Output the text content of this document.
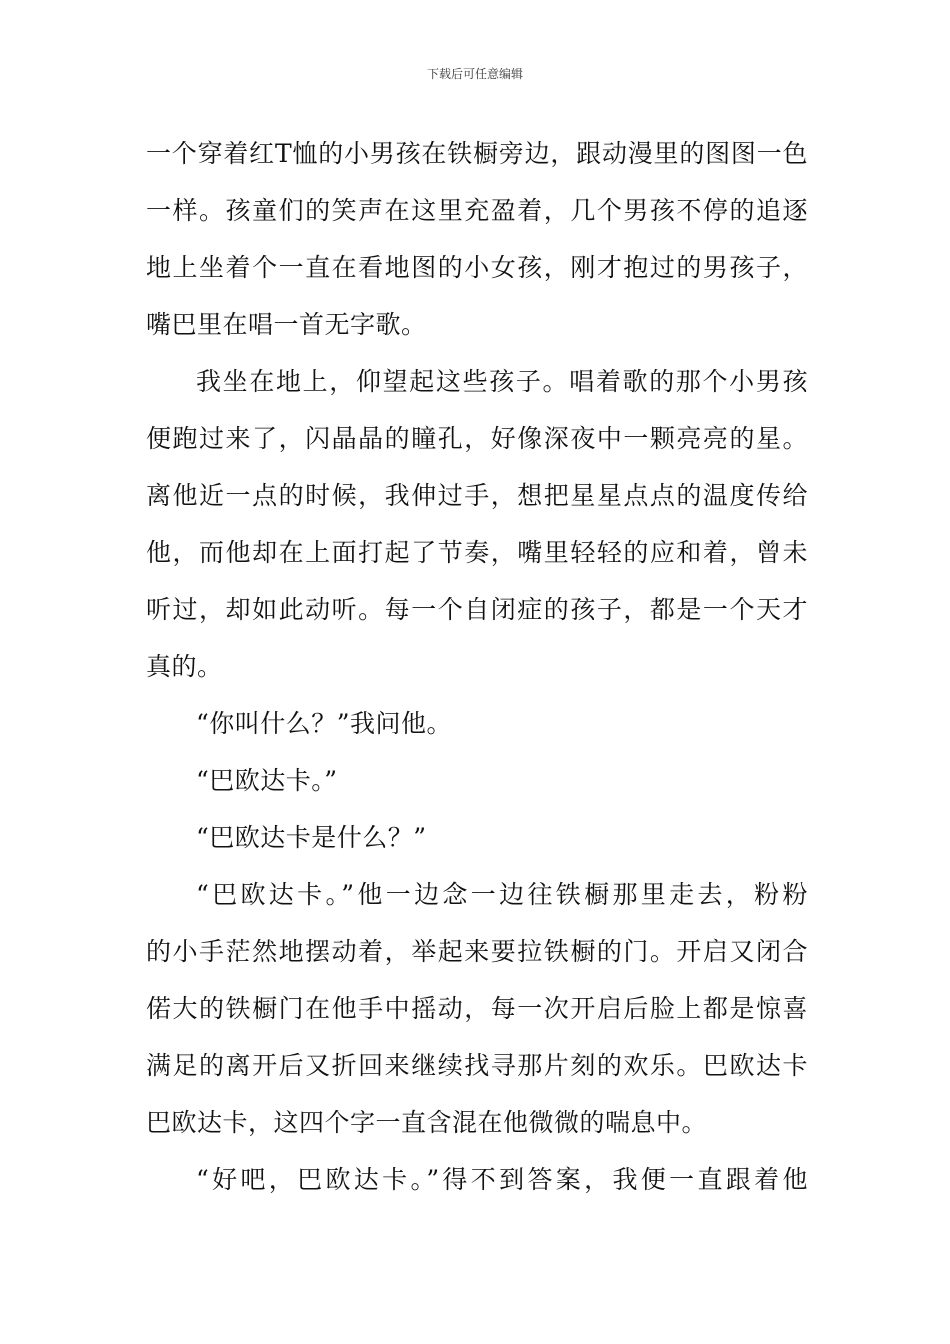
下载后可任意编辑
一个穿着红T恤的小男孩在铁橱旁边，跟动漫里的图图一色
一样。孩童们的笑声在这里充盈着，几个男孩不停的追逐
地上坐着个一直在看地图的小女孩，刚才抱过的男孩子，
嘴巴里在唱一首无字歌。
我坐在地上，仰望起这些孩子。唱着歌的那个小男孩
便跑过来了，闪晶晶的瞳孔，好像深夜中一颗亮亮的星。
离他近一点的时候，我伸过手，想把星星点点的温度传给
他，而他却在上面打起了节奏，嘴里轻轻的应和着，曾未
听过，却如此动听。每一个自闭症的孩子，都是一个天才
真的。
“你叫什么？”我问他。
“巴欧达卡。”
“巴欧达卡是什么？”
“巴欧达卡。”他一边念一边往铁橱那里走去，粉粉
的小手茫然地摆动着，举起来要拉铁橱的门。开启又闭合
偌大的铁橱门在他手中摇动，每一次开启后脸上都是惊喜
满足的离开后又折回来继续找寻那片刻的欢乐。巴欧达卡
巴欧达卡，这四个字一直含混在他微微的喘息中。
“好吧，巴欧达卡。”得不到答案，我便一直跟着他
